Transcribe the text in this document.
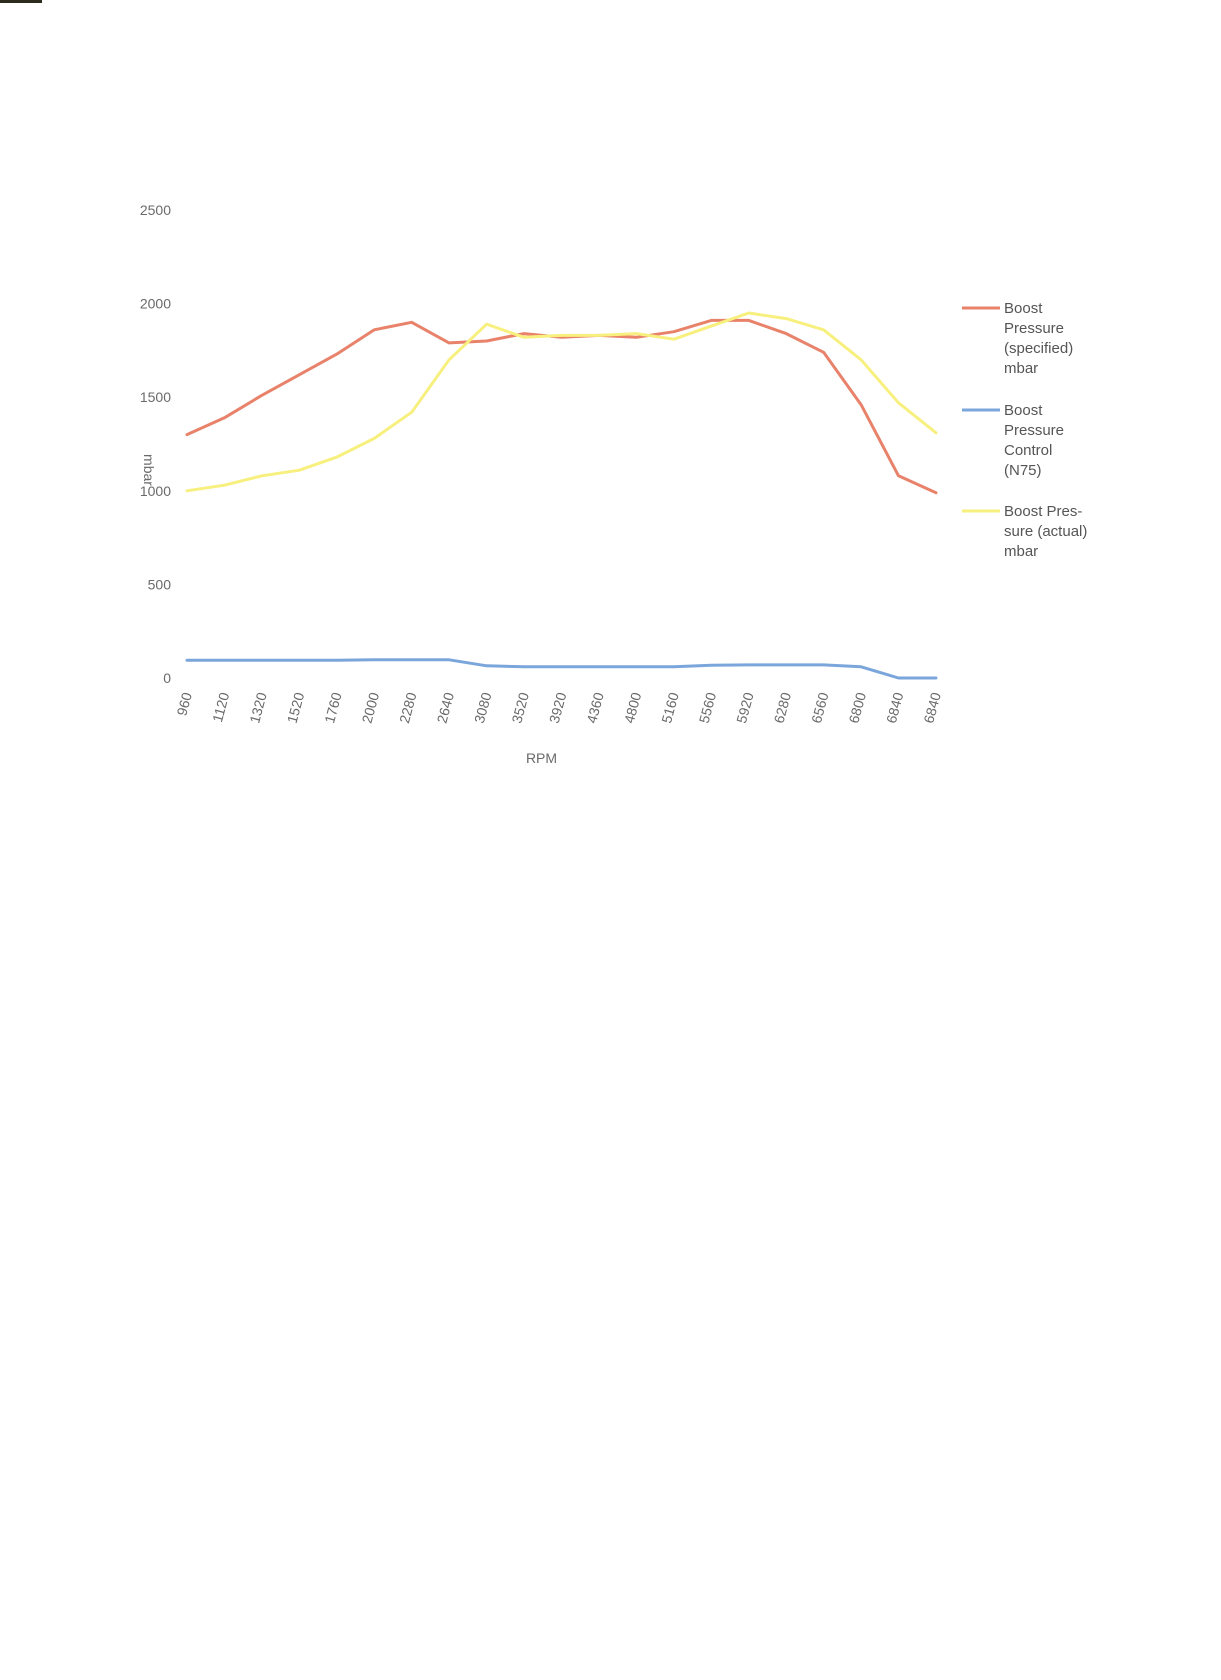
0
500
1000
1500
2000
2500
960 1120 1320 1520 1760 2000 2280 2640 3080 3520 3920 4360 4800 5160 5560 5920 6280 6560 6800 6840 6840
RPM
mbar
Boost
Pressure
(specified)
mbar
Boost
Pressure
Control
(N75)
Boost Pres-
sure (actual)
mbar
